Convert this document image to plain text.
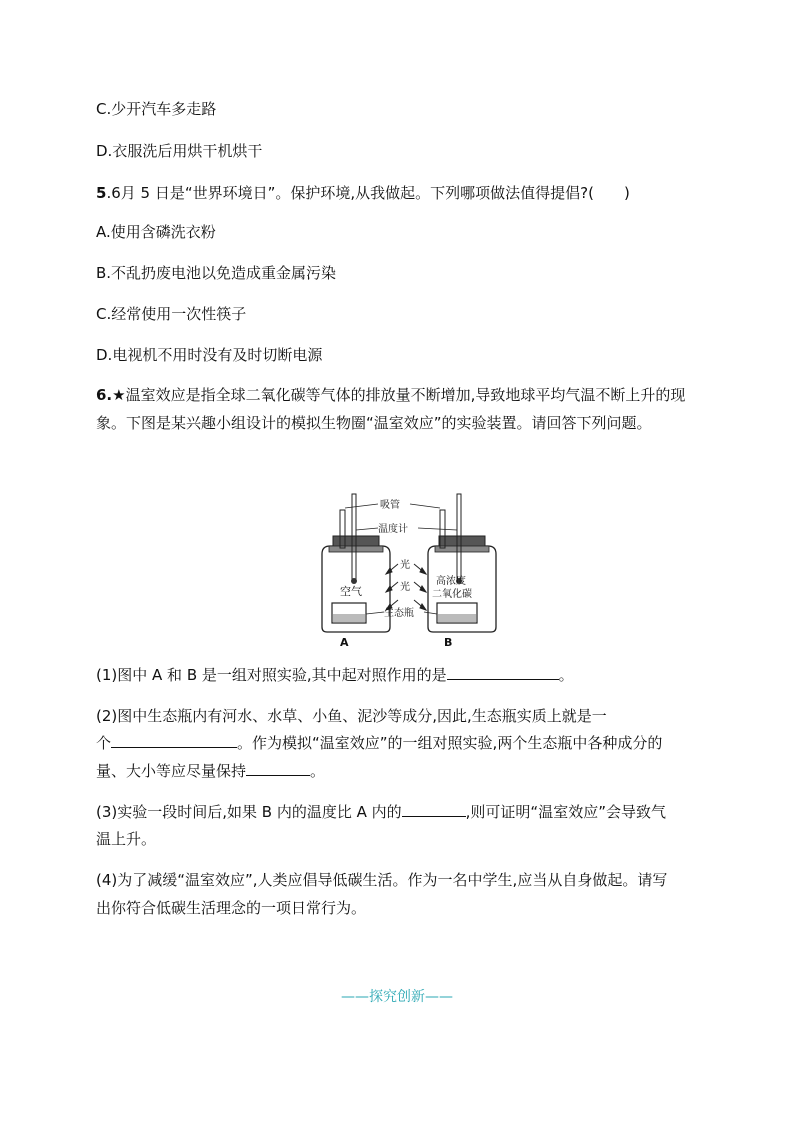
C.少开汽车多走路
D.衣服洗后用烘干机烘干
5.6月 5 日是“世界环境日”。保护环境,从我做起。下列哪项做法值得提倡?(　　)
A.使用含磷洗衣粉
B.不乱扔废电池以免造成重金属污染
C.经常使用一次性筷子
D.电视机不用时没有及时切断电源
6.★温室效应是指全球二氧化碳等气体的排放量不断增加,导致地球平均气温不断上升的现象。下图是某兴趣小组设计的模拟生物圈“温室效应”的实验装置。请回答下列问题。
吸管
温度计
光
光
空气
高浓度
二氧化碳
生态瓶
A	B
(1)图中 A 和 B 是一组对照实验,其中起对照作用的是	。
(2)图中生态瓶内有河水、水草、小鱼、泥沙等成分,因此,生态瓶实质上就是一
个	。作为模拟“温室效应”的一组对照实验,两个生态瓶中各种成分的
量、大小等应尽量保持	。
(3)实验一段时间后,如果 B 内的温度比 A 内的	,则可证明“温室效应”会导致气
温上升。
(4)为了减缓“温室效应”,人类应倡导低碳生活。作为一名中学生,应当从自身做起。请写
出你符合低碳生活理念的一项日常行为。
——探究创新——
